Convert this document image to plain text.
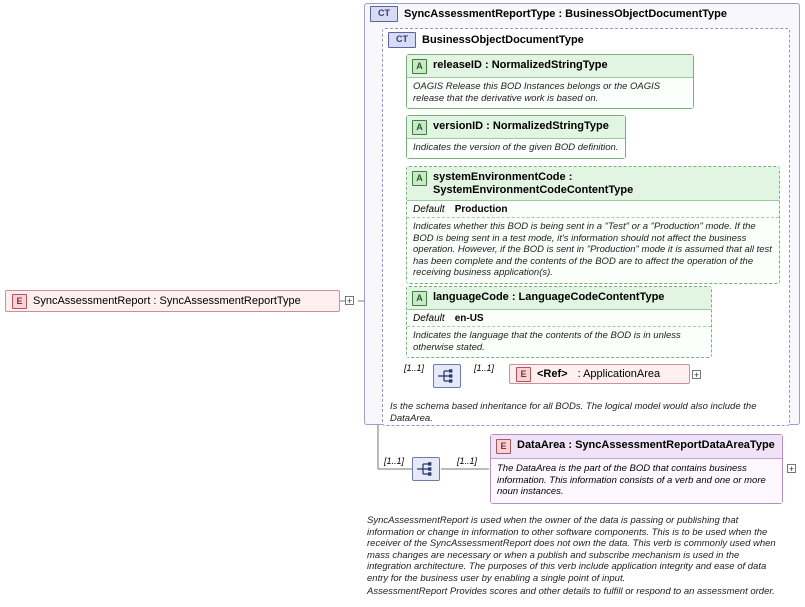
E SyncAssessmentReport : SyncAssessmentReportType	+
CT	SyncAssessmentReportType : BusinessObjectDocumentType
CT	BusinessObjectDocumentType
A releaseID : NormalizedStringType
OAGIS Release this BOD Instances belongs or the OAGIS release that the derivative work is based on.
A versionID : NormalizedStringType
Indicates the version of the given BOD definition.
A systemEnvironmentCode : SystemEnvironmentCodeContentType
Default Production
Indicates whether this BOD is being sent in a "Test" or a "Production" mode. If the BOD is being sent in a test mode, it's information should not affect the business operation. However, if the BOD is sent in "Production" mode it is assumed that all test has been complete and the contents of the BOD are to affect the operation of the receiving business application(s).
A languageCode : LanguageCodeContentType
Default en-US
Indicates the language that the contents of the BOD is in unless otherwise stated.
[1..1]	[1..1]
E <Ref> : ApplicationArea	+
Is the schema based inheritance for all BODs. The logical model would also include the DataArea.
[1..1]	[1..1]
E DataArea : SyncAssessmentReportDataAreaType
The DataArea is the part of the BOD that contains business information. This information consists of a verb and one or more noun instances.
+
SyncAssessmentReport is used when the owner of the data is passing or publishing that information or change in information to other software components. This is to be used when the receiver of the SyncAssessmentReport does not own the data. This verb is commonly used when mass changes are necessary or when a publish and subscribe mechanism is used in the integration architecture. The purposes of this verb include application integrity and ease of data entry for the business user by enabling a single point of input.
AssessmentReport Provides scores and other details to fulfill or respond to an assessment order.
